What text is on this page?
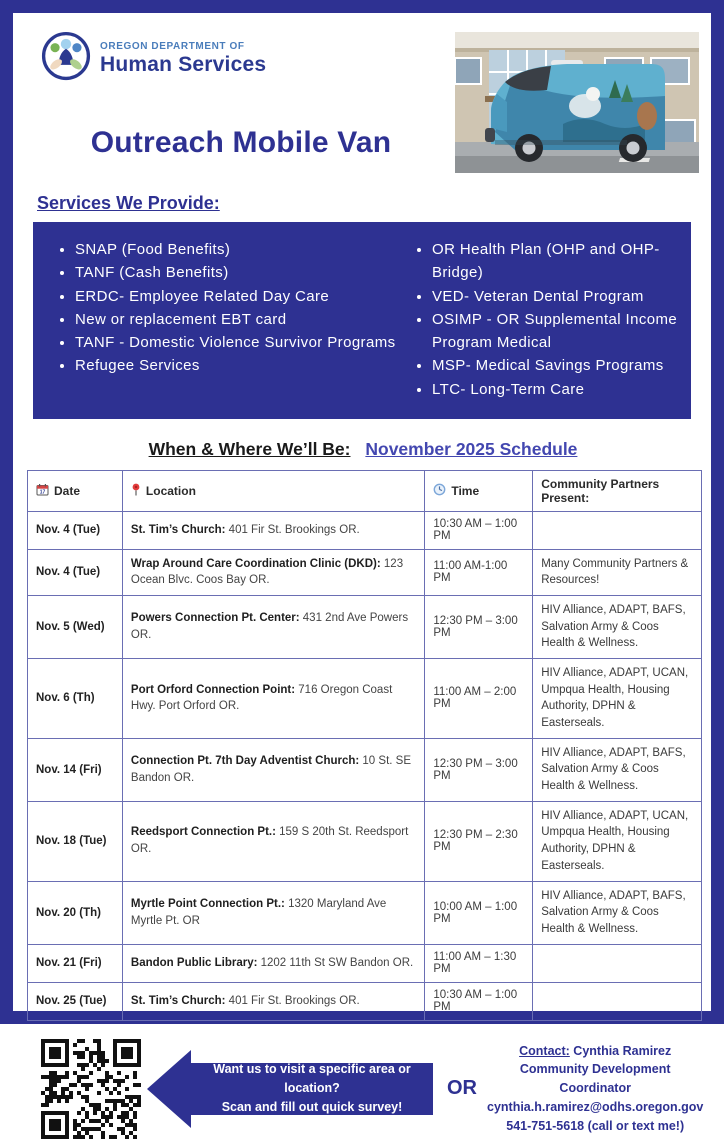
OREGON DEPARTMENT OF
Human Services
Outreach Mobile Van
Services We Provide:
• SNAP (Food Benefits)
• TANF (Cash Benefits)
• ERDC- Employee Related Day Care
• New or replacement EBT card
• TANF - Domestic Violence Survivor Programs
• Refugee Services
• OR Health Plan (OHP and OHP-Bridge)
• VED- Veteran Dental Program
• OSIMP - OR Supplemental Income Program Medical
• MSP- Medical Savings Programs
• LTC- Long-Term Care
When & Where We’ll Be: November 2025 Schedule
17 Date	Location	Time	Community Partners Present:
Nov. 4 (Tue)	St. Tim’s Church: 401 Fir St. Brookings OR.	10:30 AM – 1:00 PM	
Nov. 4 (Tue)	Wrap Around Care Coordination Clinic (DKD): 123 Ocean Blvc. Coos Bay OR.	11:00 AM-1:00 PM	Many Community Partners & Resources!
Nov. 5 (Wed)	Powers Connection Pt. Center: 431 2nd Ave Powers OR.	12:30 PM – 3:00 PM	HIV Alliance, ADAPT, BAFS, Salvation Army & Coos Health & Wellness.
Nov. 6 (Th)	Port Orford Connection Point: 716 Oregon Coast Hwy. Port Orford OR.	11:00 AM – 2:00 PM	HIV Alliance, ADAPT, UCAN, Umpqua Health, Housing Authority, DPHN & Easterseals.
Nov. 14 (Fri)	Connection Pt. 7th Day Adventist Church: 10 St. SE Bandon OR.	12:30 PM – 3:00 PM	HIV Alliance, ADAPT, BAFS, Salvation Army & Coos Health & Wellness.
Nov. 18 (Tue)	Reedsport Connection Pt.: 159 S 20th St. Reedsport OR.	12:30 PM – 2:30 PM	HIV Alliance, ADAPT, UCAN, Umpqua Health, Housing Authority, DPHN & Easterseals.
Nov. 20 (Th)	Myrtle Point Connection Pt.: 1320 Maryland Ave Myrtle Pt. OR	10:00 AM – 1:00 PM	HIV Alliance, ADAPT, BAFS, Salvation Army & Coos Health & Wellness.
Nov. 21 (Fri)	Bandon Public Library: 1202 11th St SW Bandon OR.	11:00 AM – 1:30 PM	
Nov. 25 (Tue)	St. Tim’s Church: 401 Fir St. Brookings OR.	10:30 AM – 1:00 PM	
Want us to visit a specific area or location?
Scan and fill out quick survey!
OR
Contact: Cynthia Ramirez
Community Development Coordinator
cynthia.h.ramirez@odhs.oregon.gov
541-751-5618 (call or text me!)
